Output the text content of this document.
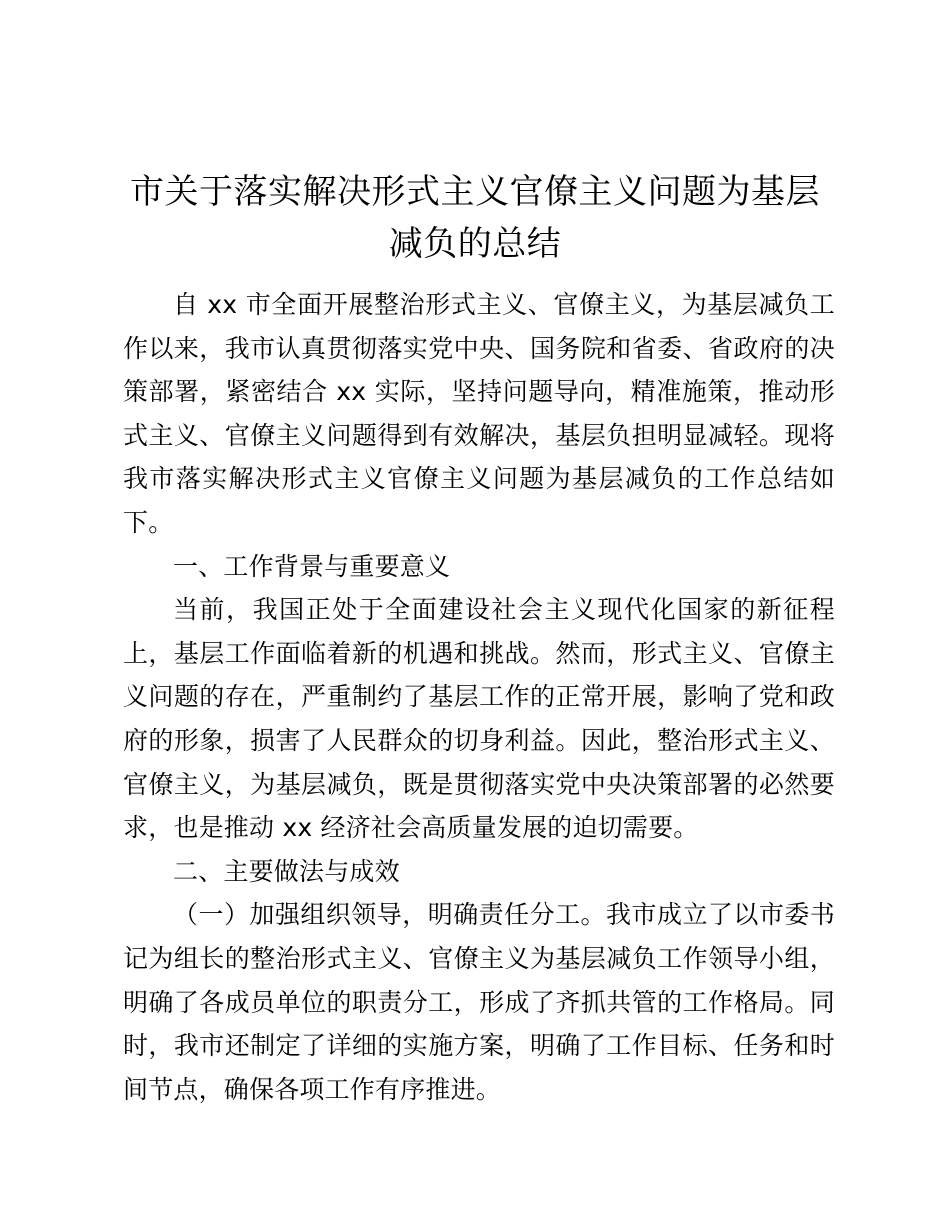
市关于落实解决形式主义官僚主义问题为基层
减负的总结

自 xx 市全面开展整治形式主义、官僚主义，为基层减负工作以来，我市认真贯彻落实党中央、国务院和省委、省政府的决策部署，紧密结合 xx 实际，坚持问题导向，精准施策，推动形式主义、官僚主义问题得到有效解决，基层负担明显减轻。现将我市落实解决形式主义官僚主义问题为基层减负的工作总结如下。

一、工作背景与重要意义

当前，我国正处于全面建设社会主义现代化国家的新征程上，基层工作面临着新的机遇和挑战。然而，形式主义、官僚主义问题的存在，严重制约了基层工作的正常开展，影响了党和政府的形象，损害了人民群众的切身利益。因此，整治形式主义、官僚主义，为基层减负，既是贯彻落实党中央决策部署的必然要求，也是推动 xx 经济社会高质量发展的迫切需要。

二、主要做法与成效

（一）加强组织领导，明确责任分工。我市成立了以市委书记为组长的整治形式主义、官僚主义为基层减负工作领导小组，明确了各成员单位的职责分工，形成了齐抓共管的工作格局。同时，我市还制定了详细的实施方案，明确了工作目标、任务和时间节点，确保各项工作有序推进。
